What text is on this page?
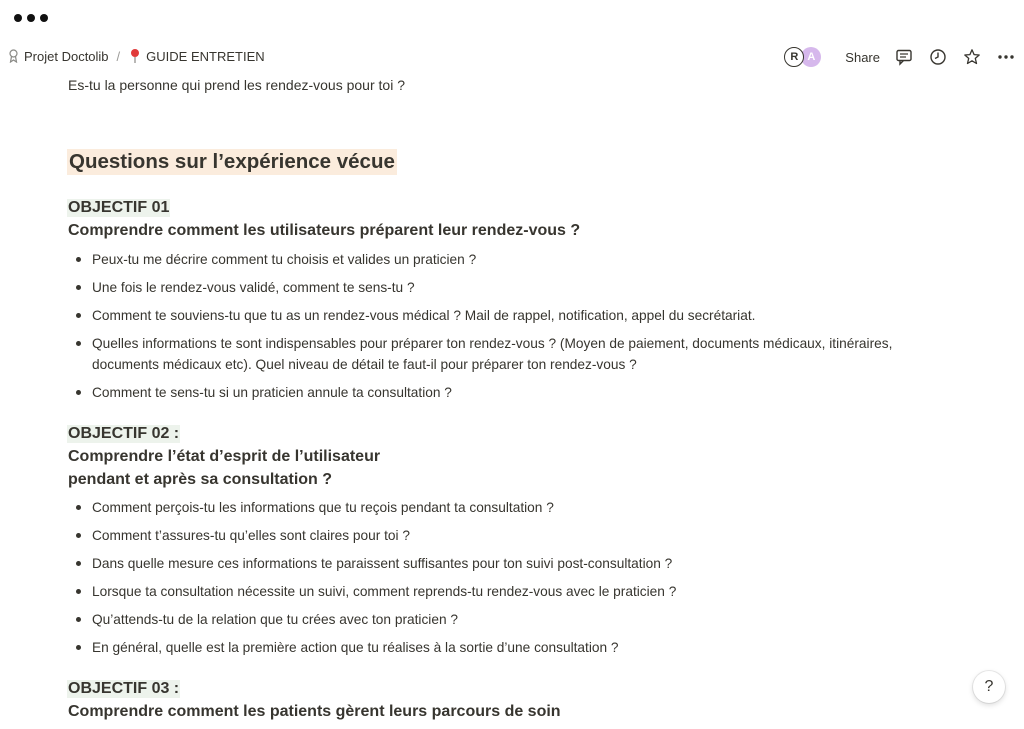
Projet Doctolib / GUIDE ENTRETIEN	R A	Share
Es-tu la personne qui prend les rendez-vous pour toi ?
Questions sur l’expérience vécue
OBJECTIF 01
Comprendre comment les utilisateurs préparent leur rendez-vous ?
Peux-tu me décrire comment tu choisis et valides un praticien ?
Une fois le rendez-vous validé, comment te sens-tu ?
Comment te souviens-tu que tu as un rendez-vous médical ? Mail de rappel, notification, appel du secrétariat.
Quelles informations te sont indispensables pour préparer ton rendez-vous ? (Moyen de paiement, documents médicaux, itinéraires, documents médicaux etc). Quel niveau de détail te faut-il pour préparer ton rendez-vous ?
Comment te sens-tu si un praticien annule ta consultation ?
OBJECTIF 02 :
Comprendre l’état d’esprit de l’utilisateur
pendant et après sa consultation ?
Comment perçois-tu les informations que tu reçois pendant ta consultation ?
Comment t’assures-tu qu’elles sont claires pour toi ?
Dans quelle mesure ces informations te paraissent suffisantes pour ton suivi post-consultation ?
Lorsque ta consultation nécessite un suivi, comment reprends-tu rendez-vous avec le praticien ?
Qu’attends-tu de la relation que tu crées avec ton praticien ?
En général, quelle est la première action que tu réalises à la sortie d’une consultation ?
OBJECTIF 03 :
Comprendre comment les patients gèrent leurs parcours de soin
?
